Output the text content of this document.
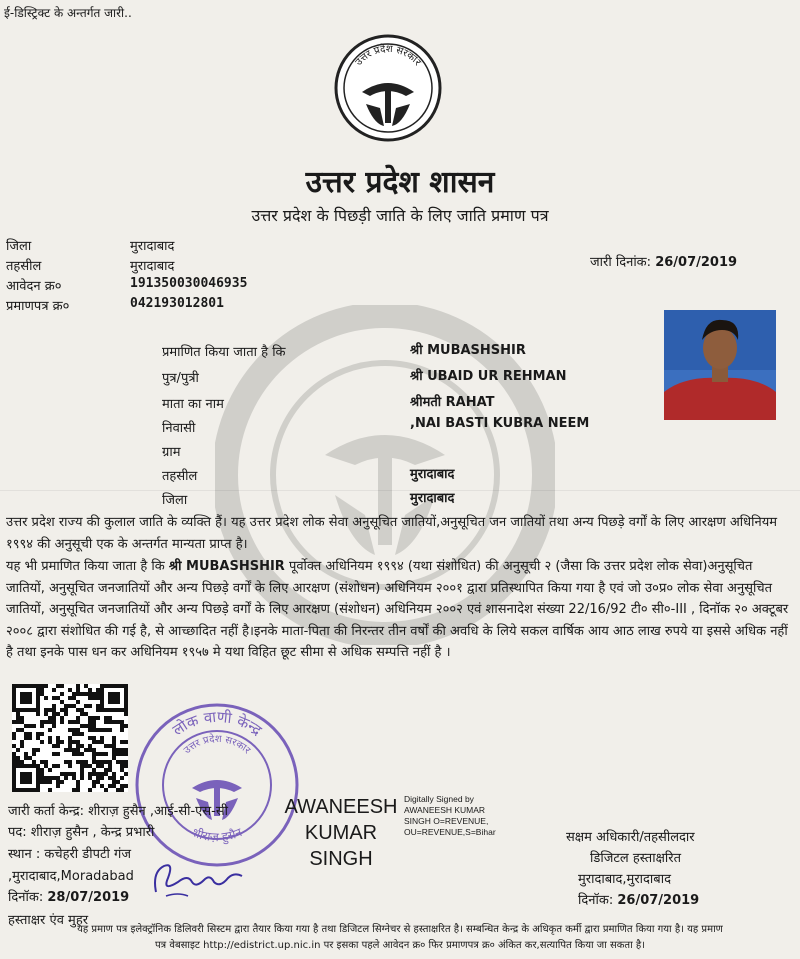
ई-डिस्ट्रिक्ट के अन्तर्गत जारी..
उत्तर प्रदेश सरकार
उत्तर प्रदेश शासन
उत्तर प्रदेश के पिछड़ी जाति के लिए जाति प्रमाण पत्र
जिला	मुरादाबाद
तहसील	मुरादाबाद
आवेदन क्र०	191350030046935
प्रमाणपत्र क्र०	042193012801
जारी दिनांक: 26/07/2019
प्रमाणित किया जाता है कि	श्री MUBASHSHIR
पुत्र/पुत्री	श्री UBAID UR REHMAN
माता का नाम	श्रीमती RAHAT
निवासी	,NAI BASTI KUBRA NEEM
ग्राम
तहसील	मुरादाबाद
जिला	मुरादाबाद
उत्तर प्रदेश राज्य की कुलाल जाति के व्यक्ति हैं। यह उत्तर प्रदेश लोक सेवा अनुसूचित जातियों,अनुसूचित जन जातियों तथा अन्य पिछड़े वर्गों के लिए आरक्षण अधिनियम १९९४ की अनुसूची एक के अन्तर्गत मान्यता प्राप्त है।
यह भी प्रमाणित किया जाता है कि श्री MUBASHSHIR पूर्वोक्त अधिनियम १९९४ (यथा संशोधित) की अनुसूची २ (जैसा कि उत्तर प्रदेश लोक सेवा)अनुसूचित जातियों, अनुसूचित जनजातियों और अन्य पिछड़े वर्गों के लिए आरक्षण (संशोधन) अधिनियम २००१ द्वारा प्रतिस्थापित किया गया है एवं जो उ०प्र० लोक सेवा अनुसूचित जातियों, अनुसूचित जनजातियों और अन्य पिछड़े वर्गों के लिए आरक्षण (संशोधन) अधिनियम २००२ एवं शासनादेश संख्या 22/16/92 टी० सी०-III , दिनॉक २० अक्टूबर २००८ द्वारा संशोधित की गई है, से आच्छादित नहीं है।इनके माता-पिता की निरन्तर तीन वर्षों की अवधि के लिये सकल वार्षिक आय आठ लाख रुपये या इससे अधिक नहीं है तथा इनके पास धन कर अधिनियम १९५७ मे यथा विहित छूट सीमा से अधिक सम्पत्ति नहीं है ।
लोक वाणी केन्द्र
उत्तर प्रदेश सरकार
शीराज़ हुसैन
जारी कर्ता केन्द्र: शीराज़ हुसैन ,आई-सी-एस-सी
पद: शीराज़ हुसैन , केन्द्र प्रभारी
स्थान : कचेहरी डीपटी गंज
,मुरादाबाद,Moradabad
दिनॉक: 28/07/2019
AWANEESH
KUMAR
SINGH
Digitally Signed by
AWANEESH KUMAR
SINGH O=REVENUE,
OU=REVENUE,S=Bihar	सक्षम अधिकारी/तहसीलदार
डिजिटल हस्ताक्षरित
मुरादाबाद,मुरादाबाद
दिनॉक: 26/07/2019
हस्ताक्षर एंव मुहर
यह प्रमाण पत्र इलेक्ट्रॉनिक डिलिवरी सिस्टम द्वारा तैयार किया गया है तथा डिजिटल सिग्नेचर से हस्ताक्षरित है। सम्बन्धित केन्द्र के अधिकृत कर्मी द्वारा प्रमाणित किया गया है। यह प्रमाण
पत्र वेबसाइट http://edistrict.up.nic.in पर इसका पहले आवेदन क्र० फिर प्रमाणपत्र क्र० अंकित कर,सत्यापित किया जा सकता है।
